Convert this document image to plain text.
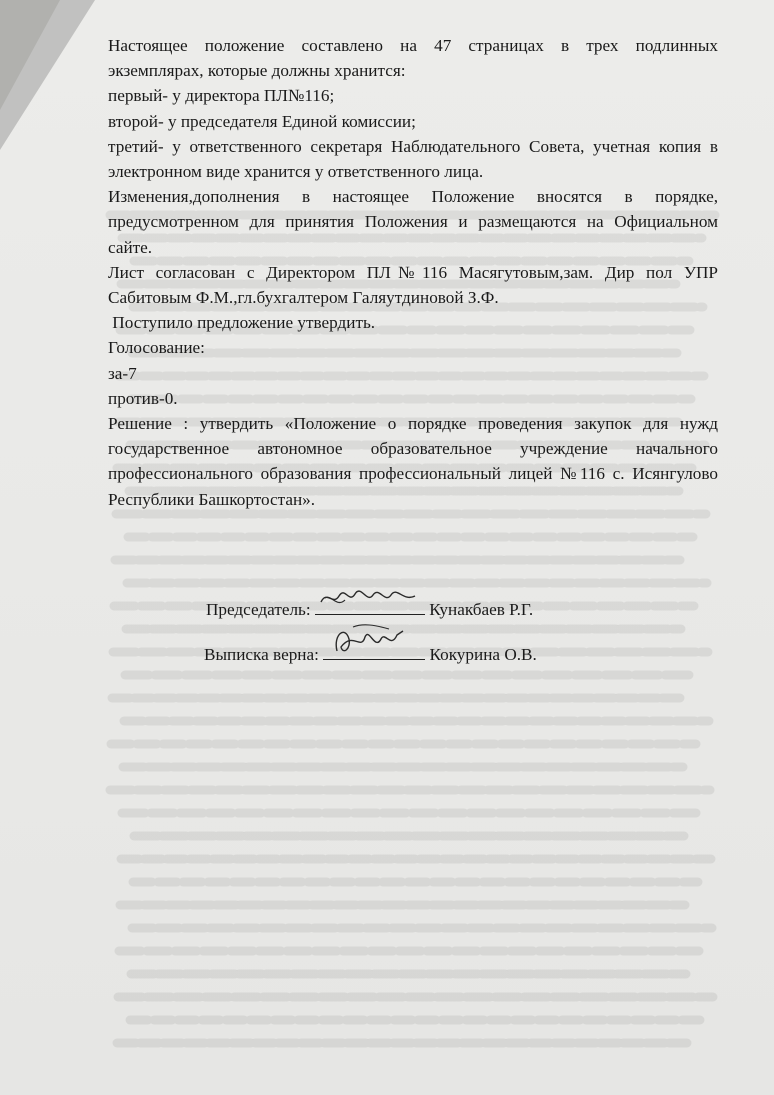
Настоящее положение составлено на 47 страницах в трех подлинных

экземплярах, которые должны хранится:

первый- у директора ПЛ№116;

второй- у председателя Единой комиссии;

третий- у ответственного секретаря Наблюдательного Совета, учетная копия в электронном виде хранится у ответственного лица.

Изменения,дополнения в настоящее Положение вносятся в порядке, предусмотренном для принятия Положения и размещаются на Официальном сайте.

Лист согласован с Директором ПЛ№116 Масягутовым,зам. Дир пол УПР Сабитовым Ф.М.,гл.бухгалтером Галяутдиновой З.Ф.

Поступило предложение утвердить.

Голосование:

за-7

против-0.

Решение : утвердить «Положение о порядке проведения закупок для нужд государственное автономное образовательное учреждение начального профессионального образования профессиональный лицей №116 с. Исянгулово Республики Башкортостан».

Председатель:	Кунакбаев Р.Г.
Выписка верна:	Кокурина О.В.
